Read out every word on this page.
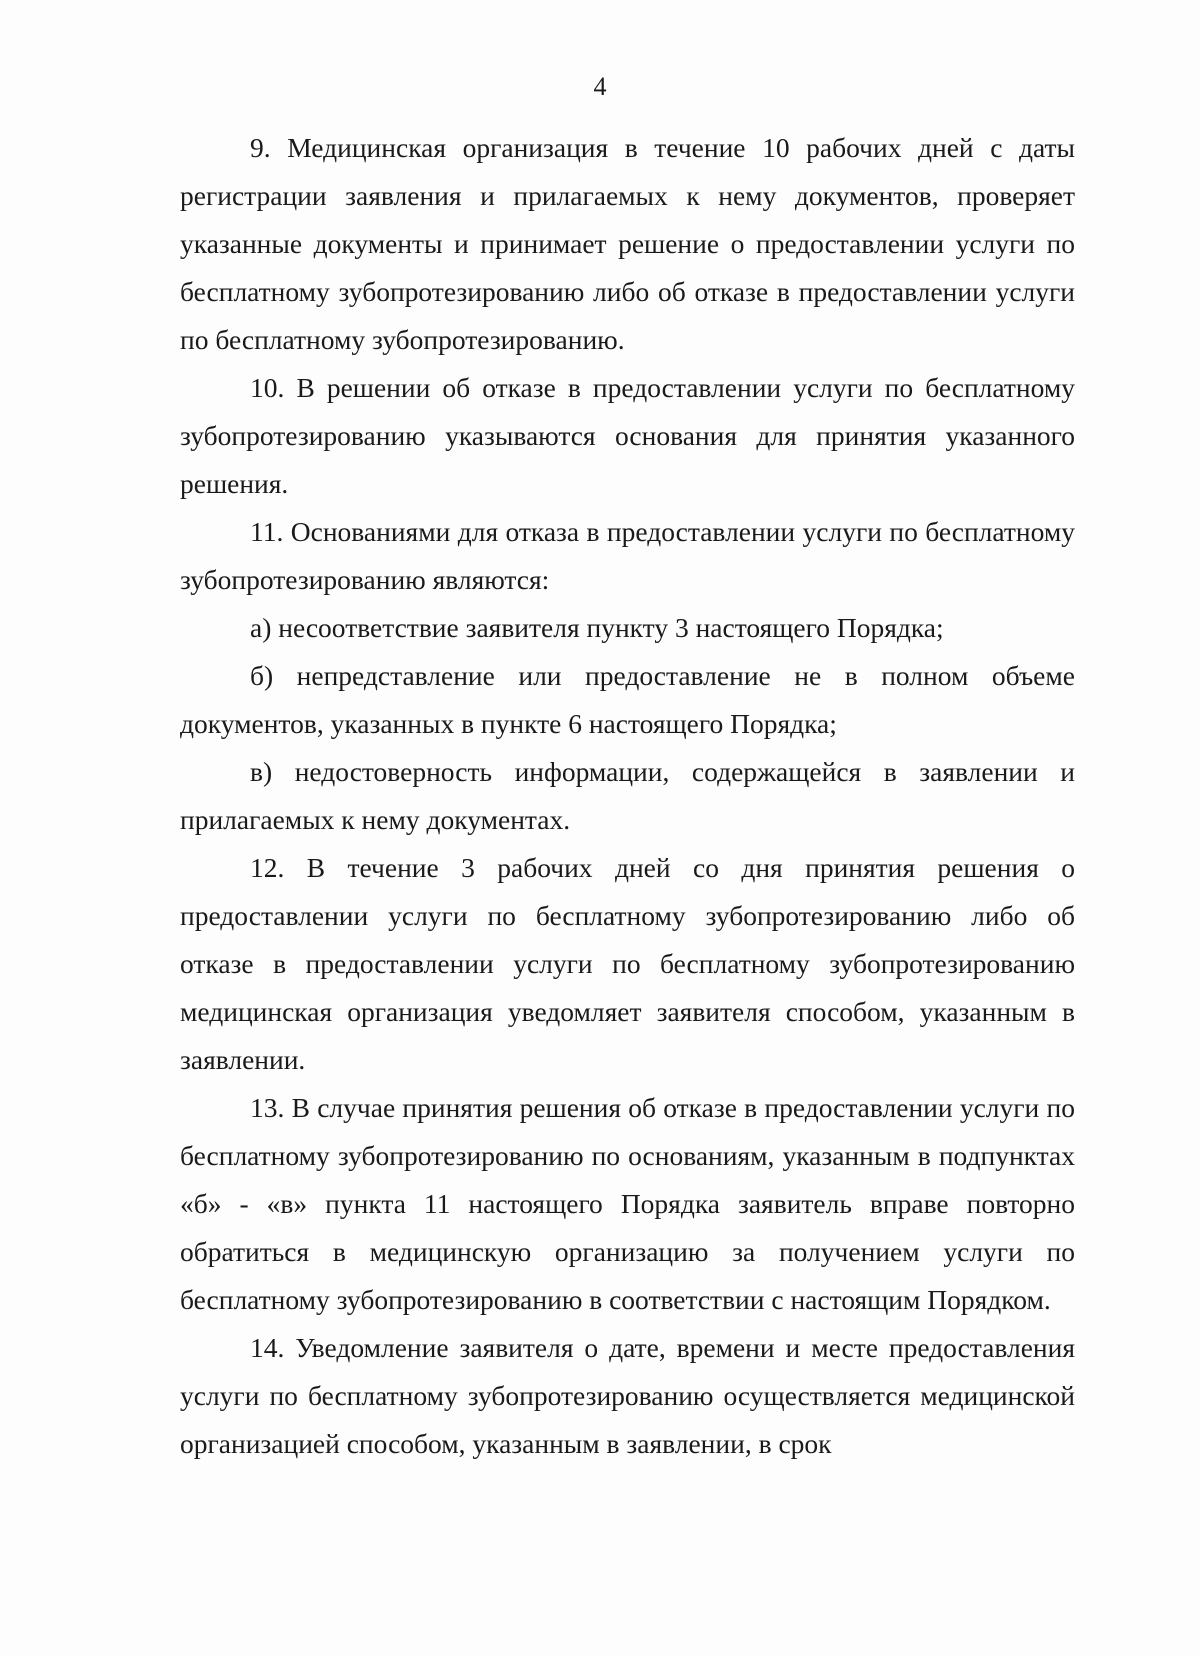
4

9. Медицинская организация в течение 10 рабочих дней с даты регистрации заявления и прилагаемых к нему документов, проверяет указанные документы и принимает решение о предоставлении услуги по бесплатному зубопротезированию либо об отказе в предоставлении услуги по бесплатному зубопротезированию.

10. В решении об отказе в предоставлении услуги по бесплатному зубопротезированию указываются основания для принятия указанного решения.

11. Основаниями для отказа в предоставлении услуги по бесплатному зубопротезированию являются:

а) несоответствие заявителя пункту 3 настоящего Порядка;

б) непредставление или предоставление не в полном объеме документов, указанных в пункте 6 настоящего Порядка;

в) недостоверность информации, содержащейся в заявлении и прилагаемых к нему документах.

12. В течение 3 рабочих дней со дня принятия решения о предоставлении услуги по бесплатному зубопротезированию либо об отказе в предоставлении услуги по бесплатному зубопротезированию медицинская организация уведомляет заявителя способом, указанным в заявлении.

13. В случае принятия решения об отказе в предоставлении услуги по бесплатному зубопротезированию по основаниям, указанным в подпунктах «б» - «в» пункта 11 настоящего Порядка заявитель вправе повторно обратиться в медицинскую организацию за получением услуги по бесплатному зубопротезированию в соответствии с настоящим Порядком.

14. Уведомление заявителя о дате, времени и месте предоставления услуги по бесплатному зубопротезированию осуществляется медицинской организацией способом, указанным в заявлении, в срок
